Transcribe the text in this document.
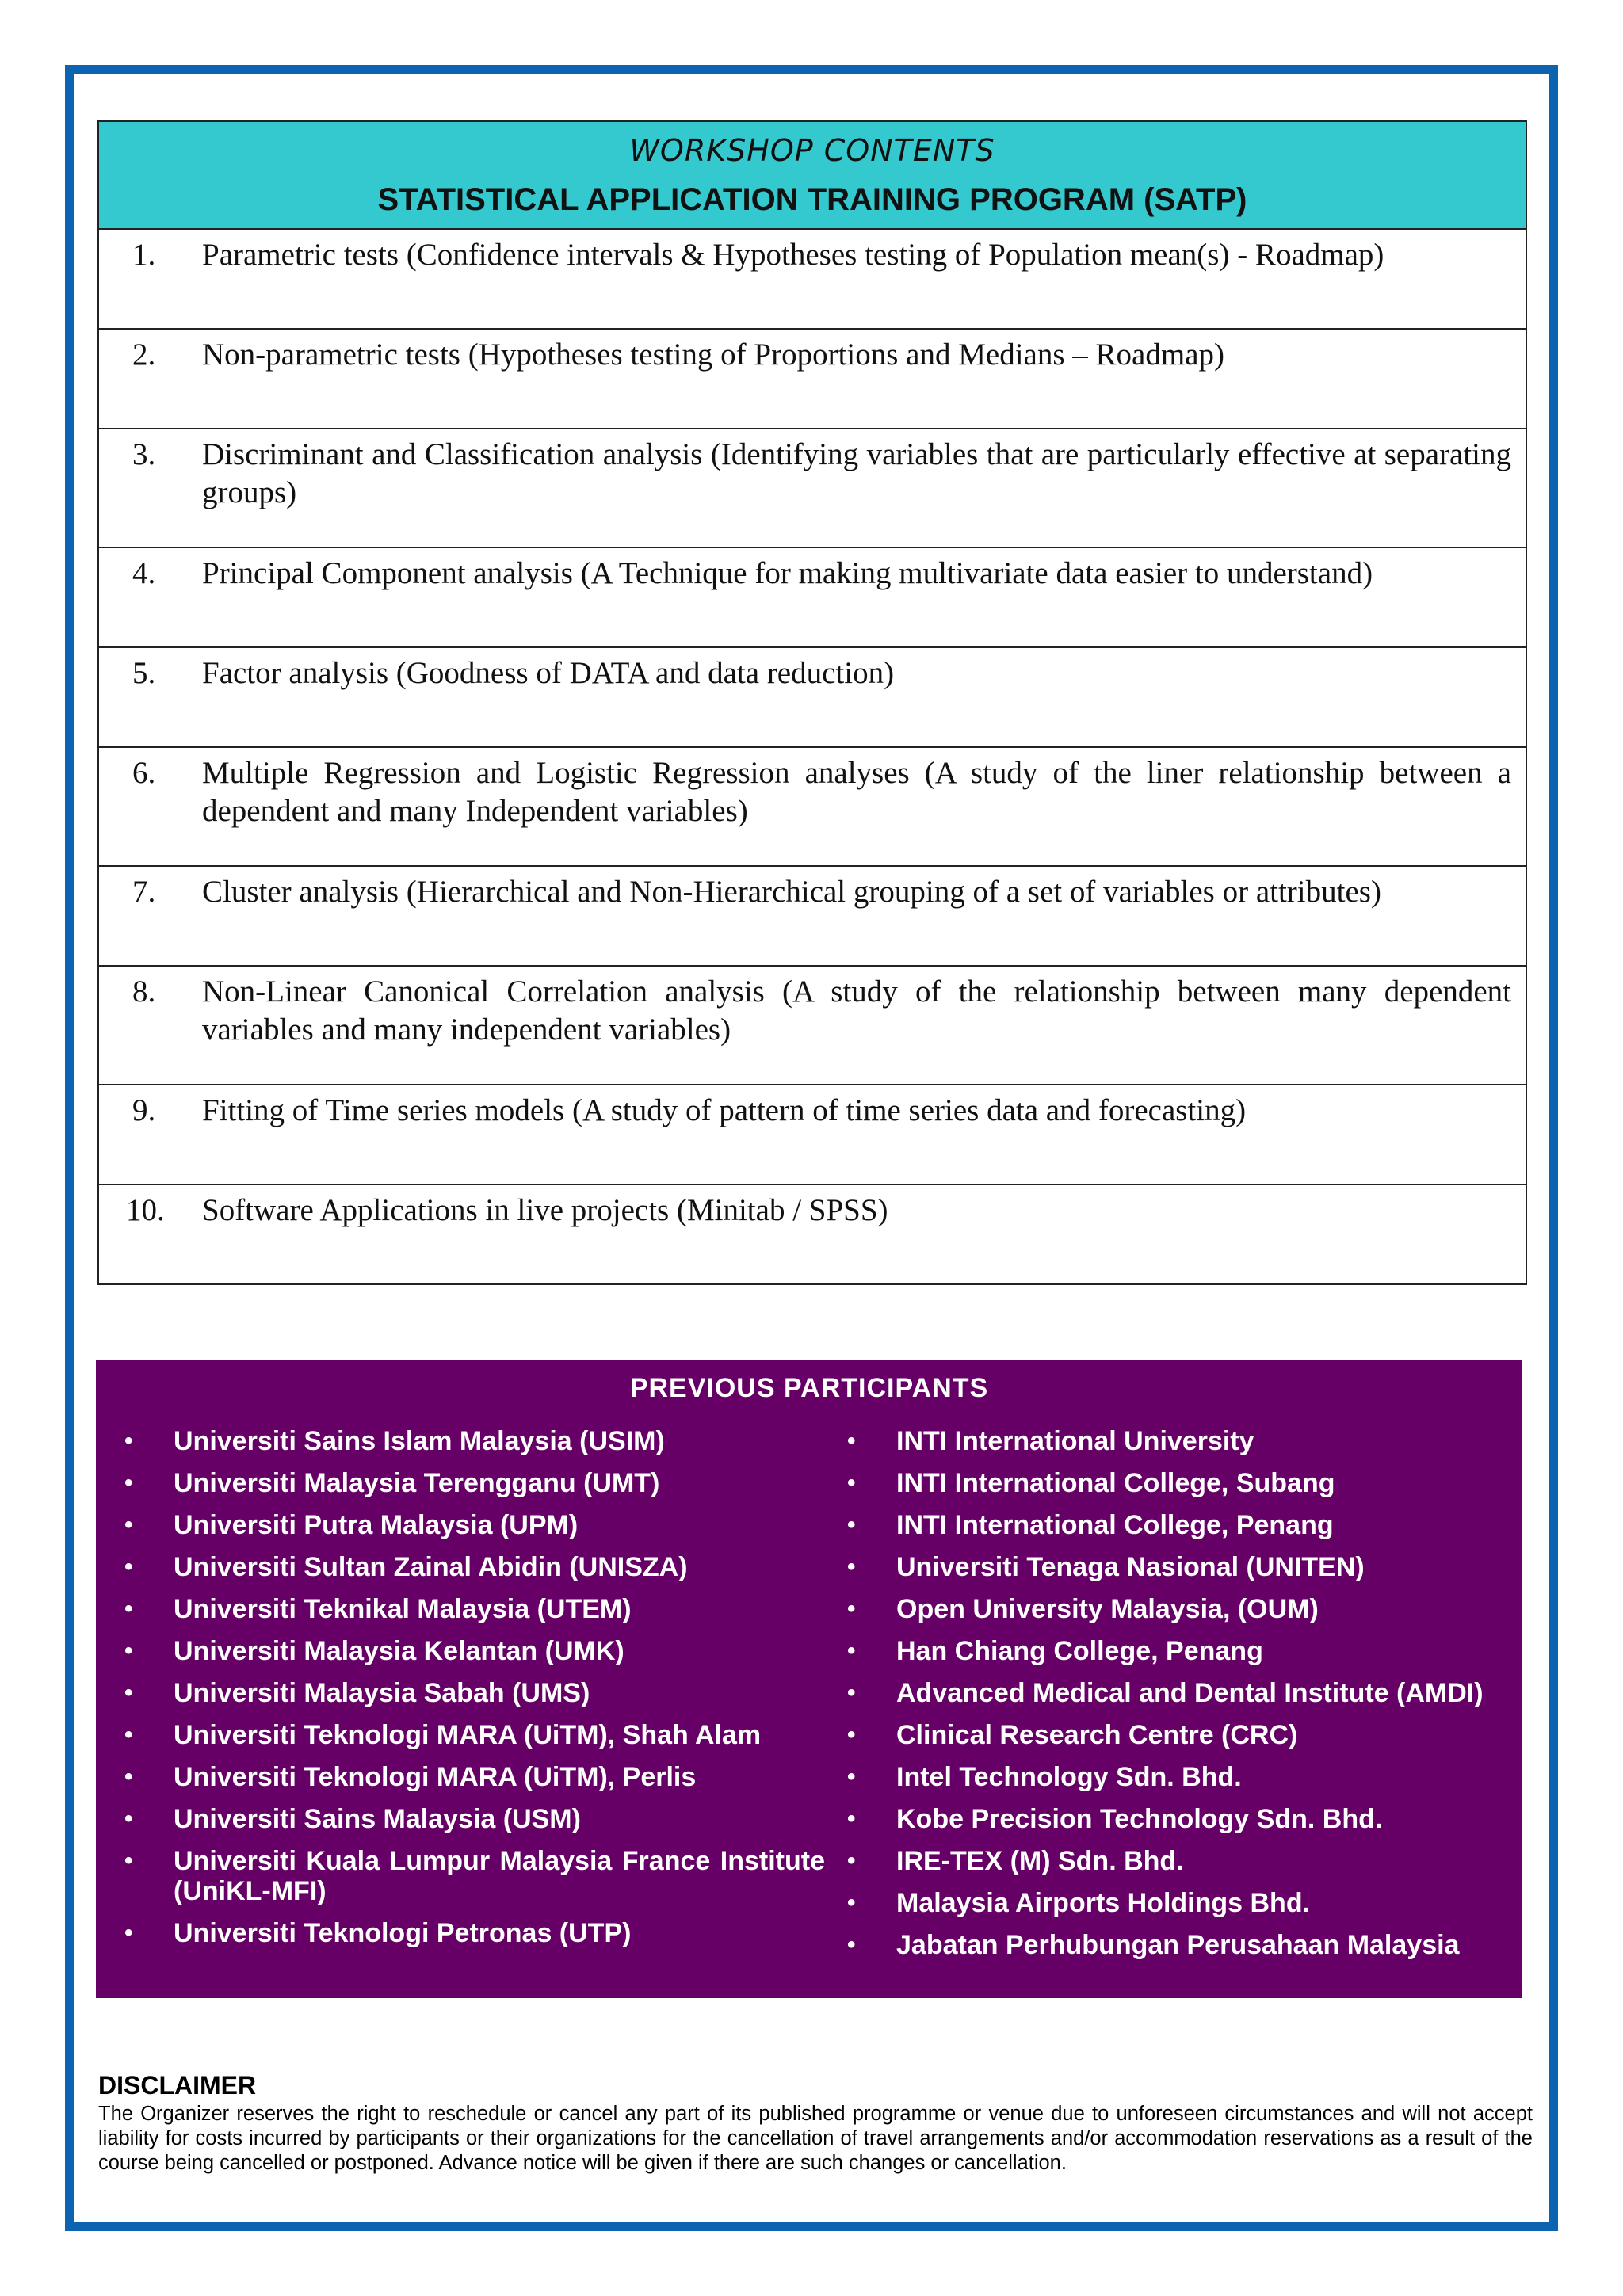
WORKSHOP CONTENTS
STATISTICAL APPLICATION TRAINING PROGRAM (SATP)
1. Parametric tests (Confidence intervals & Hypotheses testing of Population mean(s) - Roadmap)
2. Non-parametric tests (Hypotheses testing of Proportions and Medians – Roadmap)
3. Discriminant and Classification analysis (Identifying variables that are particularly effective at separating groups)
4. Principal Component analysis (A Technique for making multivariate data easier to understand)
5. Factor analysis (Goodness of DATA and data reduction)
6. Multiple Regression and Logistic Regression analyses (A study of the liner relationship between a dependent and many Independent variables)
7. Cluster analysis (Hierarchical and Non-Hierarchical grouping of a set of variables or attributes)
8. Non-Linear Canonical Correlation analysis (A study of the relationship between many dependent variables and many independent variables)
9. Fitting of Time series models (A study of pattern of time series data and forecasting)
10. Software Applications in live projects (Minitab / SPSS)
PREVIOUS PARTICIPANTS
• Universiti Sains Islam Malaysia (USIM)
• Universiti Malaysia Terengganu (UMT)
• Universiti Putra Malaysia (UPM)
• Universiti Sultan Zainal Abidin (UNISZA)
• Universiti Teknikal Malaysia (UTEM)
• Universiti Malaysia Kelantan (UMK)
• Universiti Malaysia Sabah (UMS)
• Universiti Teknologi MARA (UiTM), Shah Alam
• Universiti Teknologi MARA (UiTM), Perlis
• Universiti Sains Malaysia (USM)
• Universiti Kuala Lumpur Malaysia France Institute (UniKL-MFI)
• Universiti Teknologi Petronas (UTP)
• INTI International University
• INTI International College, Subang
• INTI International College, Penang
• Universiti Tenaga Nasional (UNITEN)
• Open University Malaysia, (OUM)
• Han Chiang College, Penang
• Advanced Medical and Dental Institute (AMDI)
• Clinical Research Centre (CRC)
• Intel Technology Sdn. Bhd.
• Kobe Precision Technology Sdn. Bhd.
• IRE-TEX (M) Sdn. Bhd.
• Malaysia Airports Holdings Bhd.
• Jabatan Perhubungan Perusahaan Malaysia
DISCLAIMER
The Organizer reserves the right to reschedule or cancel any part of its published programme or venue due to unforeseen circumstances and will not accept liability for costs incurred by participants or their organizations for the cancellation of travel arrangements and/or accommodation reservations as a result of the course being cancelled or postponed. Advance notice will be given if there are such changes or cancellation.
